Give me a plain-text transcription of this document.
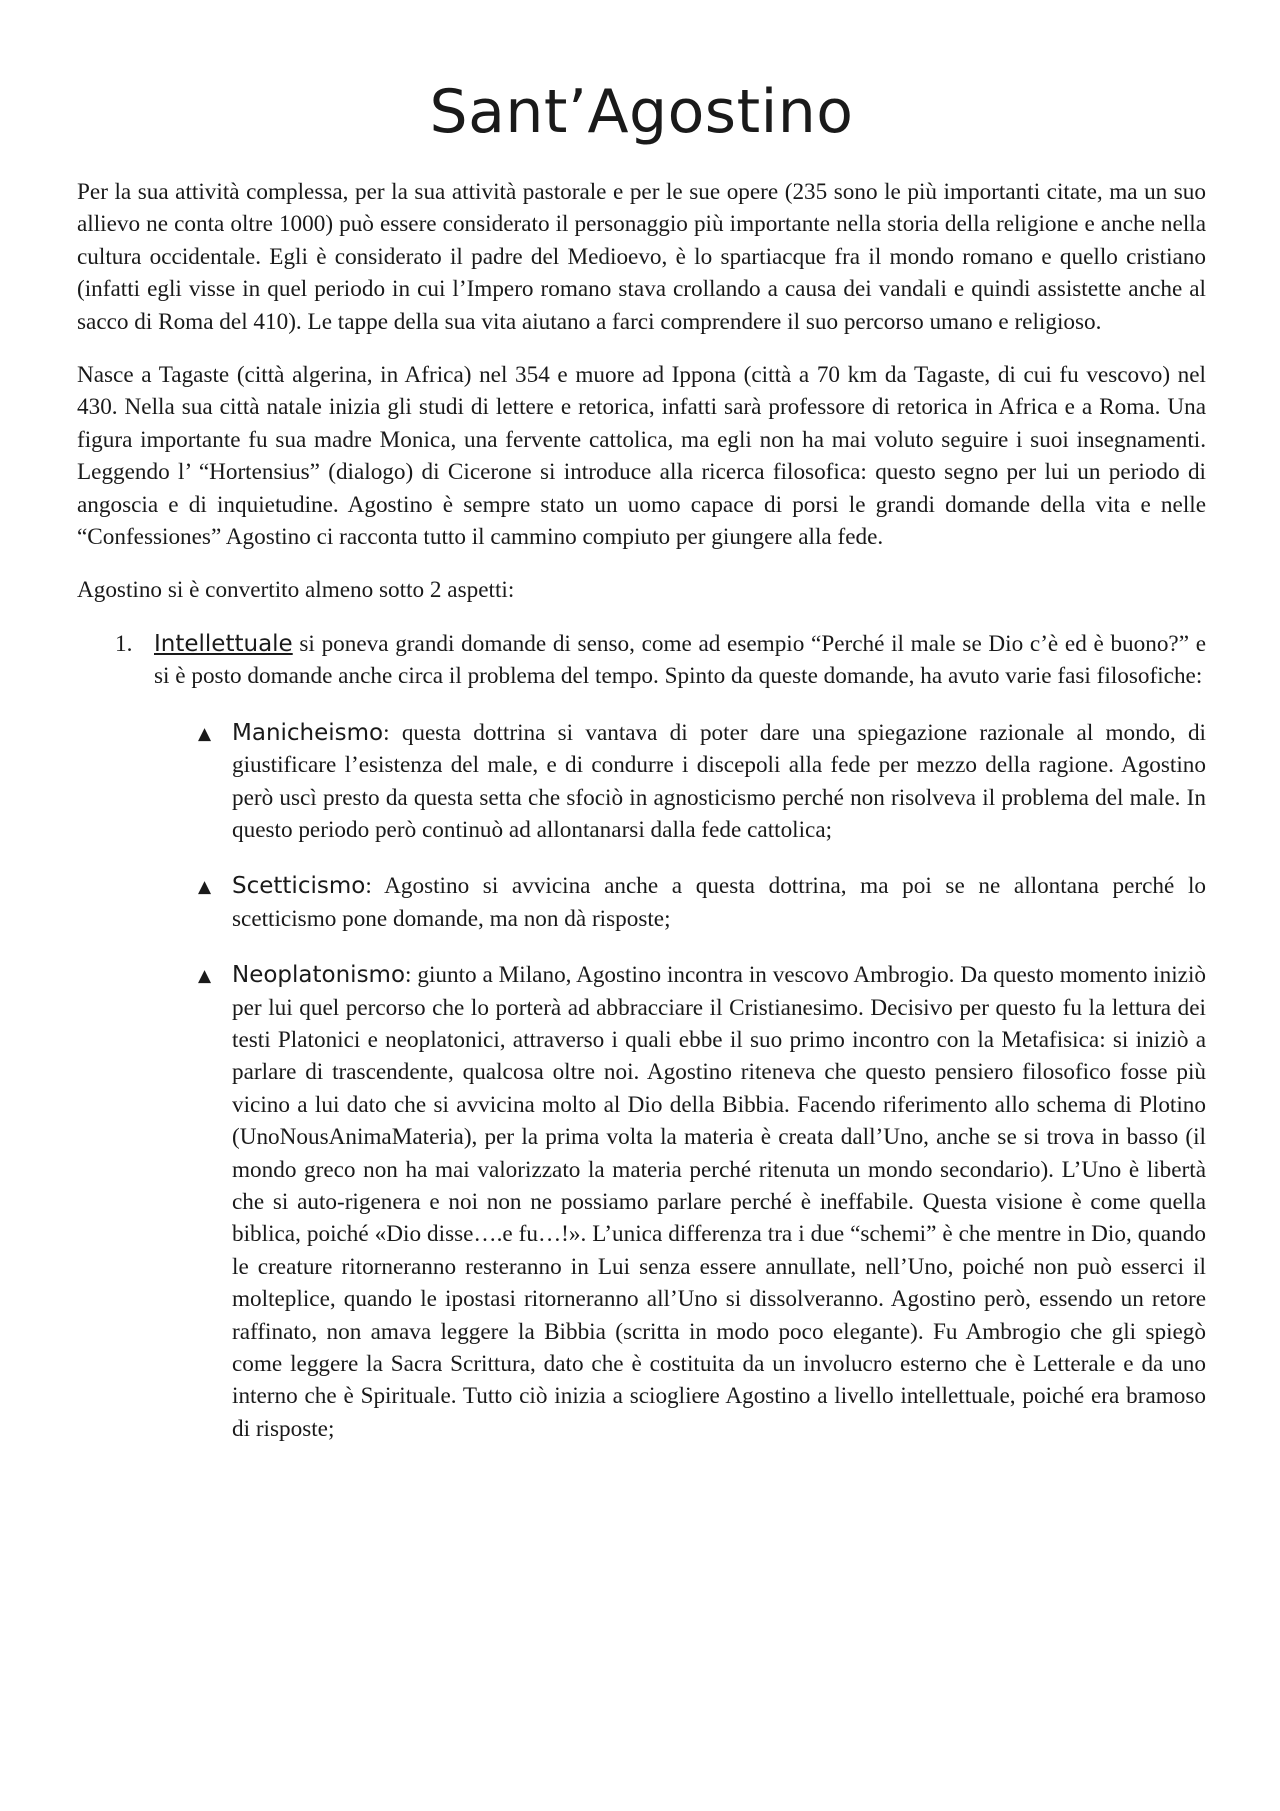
Sant’Agostino

Per la sua attività complessa, per la sua attività pastorale e per le sue opere (235 sono le più importanti citate, ma un suo allievo ne conta oltre 1000) può essere considerato il personaggio più importante nella storia della religione e anche nella cultura occidentale. Egli è considerato il padre del Medioevo, è lo spartiacque fra il mondo romano e quello cristiano (infatti egli visse in quel periodo in cui l’Impero romano stava crollando a causa dei vandali e quindi assistette anche al sacco di Roma del 410). Le tappe della sua vita aiutano a farci comprendere il suo percorso umano e religioso.

Nasce a Tagaste (città algerina, in Africa) nel 354 e muore ad Ippona (città a 70 km da Tagaste, di cui fu vescovo) nel 430. Nella sua città natale inizia gli studi di lettere e retorica, infatti sarà professore di retorica in Africa e a Roma. Una figura importante fu sua madre Monica, una fervente cattolica, ma egli non ha mai voluto seguire i suoi insegnamenti. Leggendo l’ “Hortensius” (dialogo) di Cicerone si introduce alla ricerca filosofica: questo segno per lui un periodo di angoscia e di inquietudine. Agostino è sempre stato un uomo capace di porsi le grandi domande della vita e nelle “Confessiones” Agostino ci racconta tutto il cammino compiuto per giungere alla fede.

Agostino si è convertito almeno sotto 2 aspetti:

1. Intellettuale si poneva grandi domande di senso, come ad esempio “Perché il male se Dio c’è ed è buono?” e si è posto domande anche circa il problema del tempo. Spinto da queste domande, ha avuto varie fasi filosofiche:

▲ Manicheismo: questa dottrina si vantava di poter dare una spiegazione razionale al mondo, di giustificare l’esistenza del male, e di condurre i discepoli alla fede per mezzo della ragione. Agostino però uscì presto da questa setta che sfociò in agnosticismo perché non risolveva il problema del male. In questo periodo però continuò ad allontanarsi dalla fede cattolica;

▲ Scetticismo: Agostino si avvicina anche a questa dottrina, ma poi se ne allontana perché lo scetticismo pone domande, ma non dà risposte;

▲ Neoplatonismo: giunto a Milano, Agostino incontra in vescovo Ambrogio. Da questo momento iniziò per lui quel percorso che lo porterà ad abbracciare il Cristianesimo. Decisivo per questo fu la lettura dei testi Platonici e neoplatonici, attraverso i quali ebbe il suo primo incontro con la Metafisica: si iniziò a parlare di trascendente, qualcosa oltre noi. Agostino riteneva che questo pensiero filosofico fosse più vicino a lui dato che si avvicina molto al Dio della Bibbia. Facendo riferimento allo schema di Plotino (UnoNousAnimaMateria), per la prima volta la materia è creata dall’Uno, anche se si trova in basso (il mondo greco non ha mai valorizzato la materia perché ritenuta un mondo secondario). L’Uno è libertà che si auto-rigenera e noi non ne possiamo parlare perché è ineffabile. Questa visione è come quella biblica, poiché «Dio disse….e fu…!». L’unica differenza tra i due “schemi” è che mentre in Dio, quando le creature ritorneranno resteranno in Lui senza essere annullate, nell’Uno, poiché non può esserci il molteplice, quando le ipostasi ritorneranno all’Uno si dissolveranno. Agostino però, essendo un retore raffinato, non amava leggere la Bibbia (scritta in modo poco elegante). Fu Ambrogio che gli spiegò come leggere la Sacra Scrittura, dato che è costituita da un involucro esterno che è Letterale e da uno interno che è Spirituale. Tutto ciò inizia a sciogliere Agostino a livello intellettuale, poiché era bramoso di risposte;
